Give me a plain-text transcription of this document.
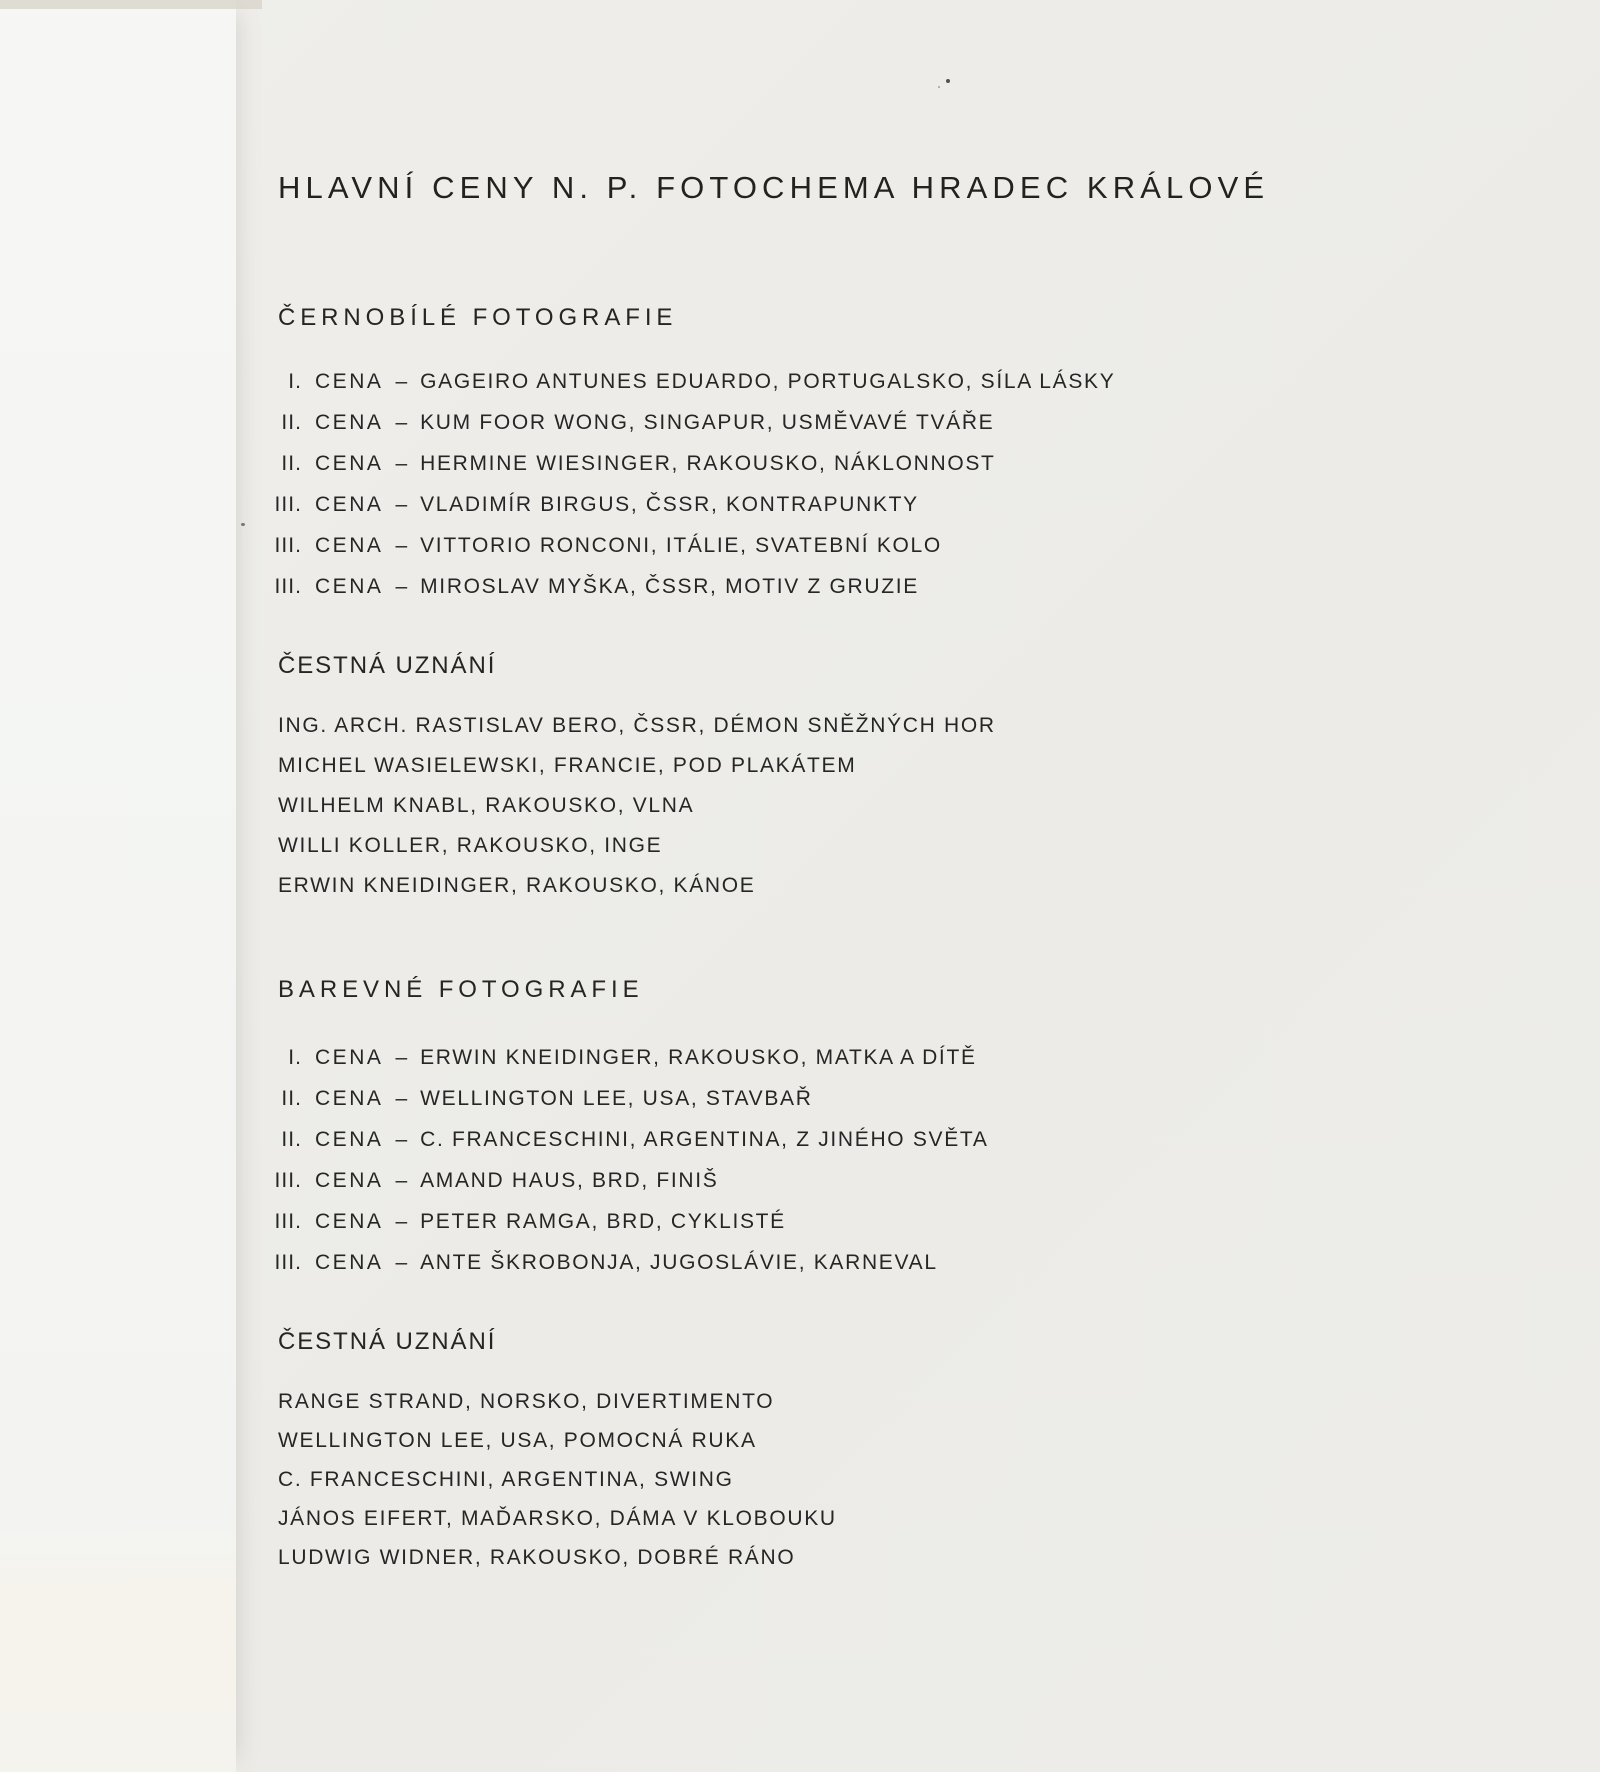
HLAVNÍ CENY N. P. FOTOCHEMA HRADEC KRÁLOVÉ
ČERNOBÍLÉ FOTOGRAFIE
I. CENA – GAGEIRO ANTUNES EDUARDO, PORTUGALSKO, SÍLA LÁSKY
II. CENA – KUM FOOR WONG, SINGAPUR, USMĚVAVÉ TVÁŘE
II. CENA – HERMINE WIESINGER, RAKOUSKO, NÁKLONNOST
III. CENA – VLADIMÍR BIRGUS, ČSSR, KONTRAPUNKTY
III. CENA – VITTORIO RONCONI, ITÁLIE, SVATEBNÍ KOLO
III. CENA – MIROSLAV MYŠKA, ČSSR, MOTIV Z GRUZIE
ČESTNÁ UZNÁNÍ
ING. ARCH. RASTISLAV BERO, ČSSR, DÉMON SNĚŽNÝCH HOR
MICHEL WASIELEWSKI, FRANCIE, POD PLAKÁTEM
WILHELM KNABL, RAKOUSKO, VLNA
WILLI KOLLER, RAKOUSKO, INGE
ERWIN KNEIDINGER, RAKOUSKO, KÁNOE
BAREVNÉ FOTOGRAFIE
I. CENA – ERWIN KNEIDINGER, RAKOUSKO, MATKA A DÍTĚ
II. CENA – WELLINGTON LEE, USA, STAVBAŘ
II. CENA – C. FRANCESCHINI, ARGENTINA, Z JINÉHO SVĚTA
III. CENA – AMAND HAUS, BRD, FINIŠ
III. CENA – PETER RAMGA, BRD, CYKLISTÉ
III. CENA – ANTE ŠKROBONJA, JUGOSLÁVIE, KARNEVAL
ČESTNÁ UZNÁNÍ
RANGE STRAND, NORSKO, DIVERTIMENTO
WELLINGTON LEE, USA, POMOCNÁ RUKA
C. FRANCESCHINI, ARGENTINA, SWING
JÁNOS EIFERT, MAĎARSKO, DÁMA V KLOBOUKU
LUDWIG WIDNER, RAKOUSKO, DOBRÉ RÁNO
